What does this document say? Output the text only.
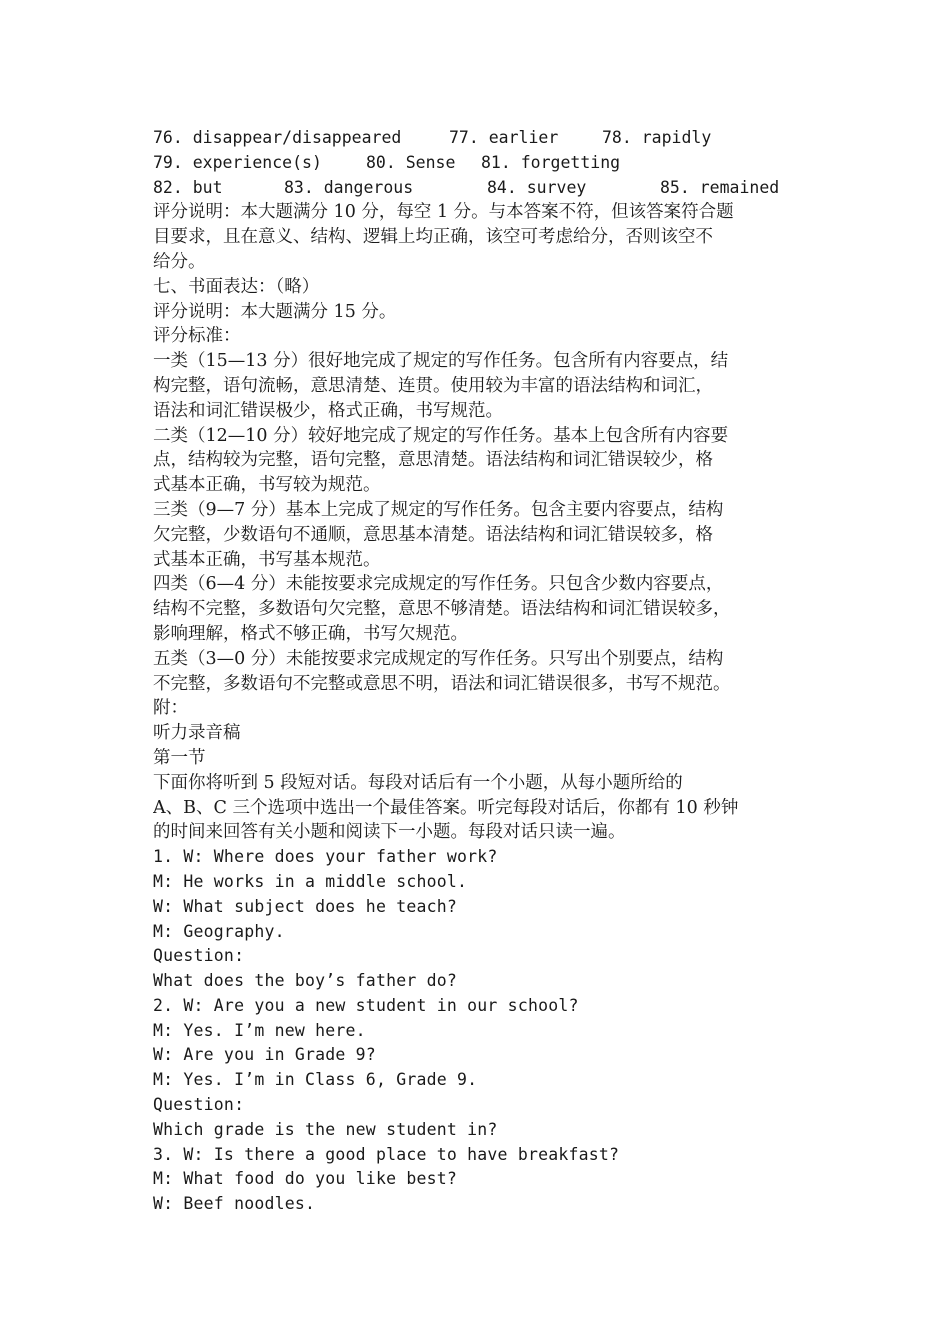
76. disappear/disappeared	77. earlier	78. rapidly
79. experience(s)	80. Sense 81. forgetting
82. but	83. dangerous	84. survey	85. remained
评分说明：本大题满分 10 分，每空 1 分。与本答案不符，但该答案符合题
目要求，且在意义、结构、逻辑上均正确，该空可考虑给分，否则该空不
给分。
七、书面表达：（略）
评分说明：本大题满分 15 分。
评分标准：
一类（15—13 分）很好地完成了规定的写作任务。包含所有内容要点，结
构完整，语句流畅，意思清楚、连贯。使用较为丰富的语法结构和词汇，
语法和词汇错误极少，格式正确，书写规范。
二类（12—10 分）较好地完成了规定的写作任务。基本上包含所有内容要
点，结构较为完整，语句完整，意思清楚。语法结构和词汇错误较少，格
式基本正确，书写较为规范。
三类（9—7 分）基本上完成了规定的写作任务。包含主要内容要点，结构
欠完整，少数语句不通顺，意思基本清楚。语法结构和词汇错误较多，格
式基本正确，书写基本规范。
四类（6—4 分）未能按要求完成规定的写作任务。只包含少数内容要点，
结构不完整，多数语句欠完整，意思不够清楚。语法结构和词汇错误较多，
影响理解，格式不够正确，书写欠规范。
五类（3—0 分）未能按要求完成规定的写作任务。只写出个别要点，结构
不完整，多数语句不完整或意思不明，语法和词汇错误很多，书写不规范。
附：
听力录音稿
第一节
下面你将听到 5 段短对话。每段对话后有一个小题，从每小题所给的
A、B、C 三个选项中选出一个最佳答案。听完每段对话后，你都有 10 秒钟
的时间来回答有关小题和阅读下一小题。每段对话只读一遍。
1. W: Where does your father work?
M: He works in a middle school.
W: What subject does he teach?
M: Geography.
Question:
What does the boy’s father do?
2. W: Are you a new student in our school?
M: Yes. I’m new here.
W: Are you in Grade 9?
M: Yes. I’m in Class 6, Grade 9.
Question:
Which grade is the new student in?
3. W: Is there a good place to have breakfast?
M: What food do you like best?
W: Beef noodles.
